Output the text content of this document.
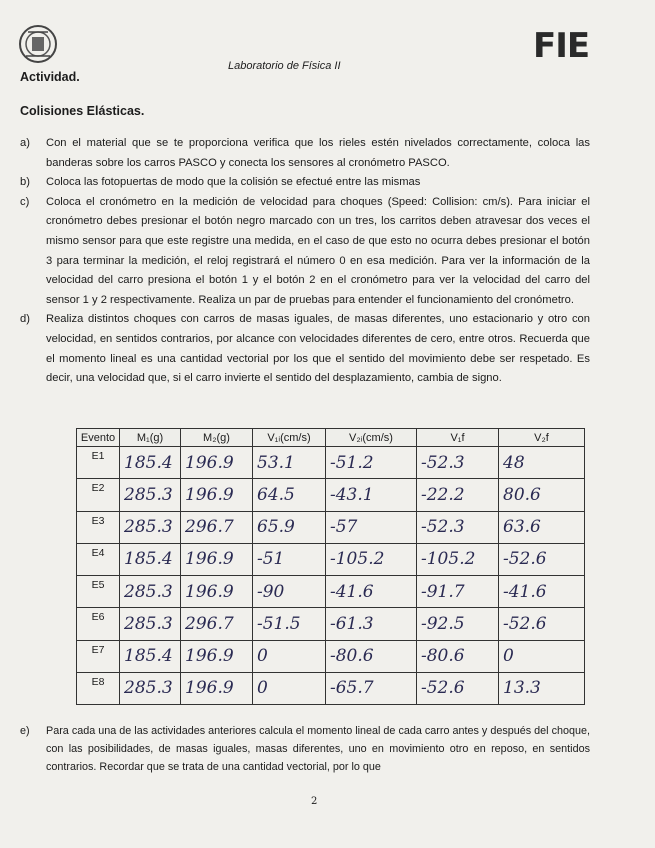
FIE
Laboratorio de Física II
Actividad.
Colisiones Elásticas.
a)	Con el material que se te proporciona verifica que los rieles estén nivelados correctamente, coloca las banderas sobre los carros PASCO y conecta los sensores al cronómetro PASCO.
b)	Coloca las fotopuertas de modo que la colisión se efectué entre las mismas
c)	Coloca el cronómetro en la medición de velocidad para choques (Speed: Collision: cm/s). Para iniciar el cronómetro debes presionar el botón negro marcado con un tres, los carritos deben atravesar dos veces el mismo sensor para que este registre una medida, en el caso de que esto no ocurra debes presionar el botón 3 para terminar la medición, el reloj registrará el número 0 en esa medición. Para ver la información de la velocidad del carro presiona el botón 1 y el botón 2 en el cronómetro para ver la velocidad del carro del sensor 1 y 2 respectivamente. Realiza un par de pruebas para entender el funcionamiento del cronómetro.
d)	Realiza distintos choques con carros de masas iguales, de masas diferentes, uno estacionario y otro con velocidad, en sentidos contrarios, por alcance con velocidades diferentes de cero, entre otros. Recuerda que el momento lineal es una cantidad vectorial por los que el sentido del movimiento debe ser respetado. Es decir, una velocidad que, si el carro invierte el sentido del desplazamiento, cambia de signo.
Evento	M₁(g)	M₂(g)	V₁ᵢ(cm/s)	V₂ᵢ(cm/s)	V₁f	V₂f
E1	185.4	196.9	53.1	-51.2	-52.3	48
E2	285.3	196.9	64.5	-43.1	-22.2	80.6
E3	285.3	296.7	65.9	-57	-52.3	63.6
E4	185.4	196.9	-51	-105.2	-105.2	-52.6
E5	285.3	196.9	-90	-41.6	-91.7	-41.6
E6	285.3	296.7	-51.5	-61.3	-92.5	-52.6
E7	185.4	196.9	0	-80.6	-80.6	0
E8	285.3	196.9	0	-65.7	-52.6	13.3
e)	Para cada una de las actividades anteriores calcula el momento lineal de cada carro antes y después del choque, con las posibilidades, de masas iguales, masas diferentes, uno en movimiento otro en reposo, en sentidos contrarios. Recordar que se trata de una cantidad vectorial, por lo que
2
